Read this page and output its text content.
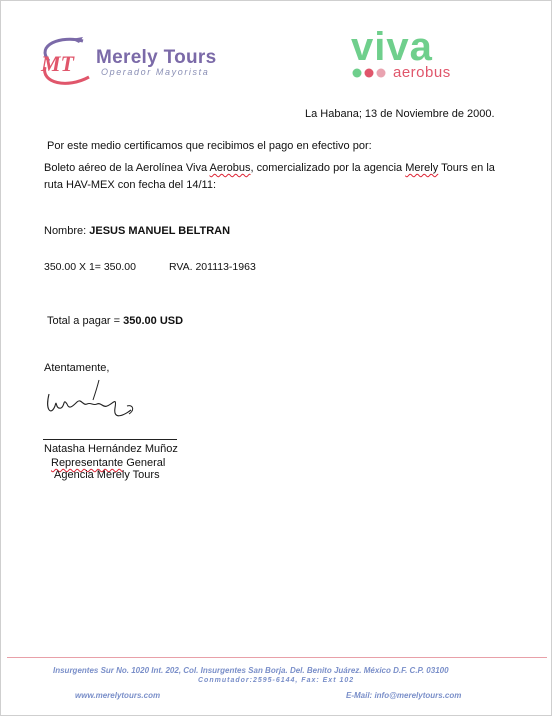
MT Merely Tours
Operador Mayorista
viva
aerobus
La Habana; 13 de Noviembre de 2000.
Por este medio certificamos que recibimos el pago en efectivo por:
Boleto aéreo de la Aerolínea Viva Aerobus, comercializado por la agencia Merely Tours en la
ruta HAV-MEX con fecha del 14/11:
Nombre: JESUS MANUEL BELTRAN
350.00 X 1= 350.00	RVA. 201113-1963
Total a pagar = 350.00 USD
Atentamente,
Natasha Hernández Muñoz
Representante General
Agencia Merely Tours
Insurgentes Sur No. 1020 Int. 202, Col. Insurgentes San Borja. Del. Benito Juárez. México D.F. C.P. 03100
Conmutador:2595-6144, Fax: Ext 102
www.merelytours.com	E-Mail: info@merelytours.com
